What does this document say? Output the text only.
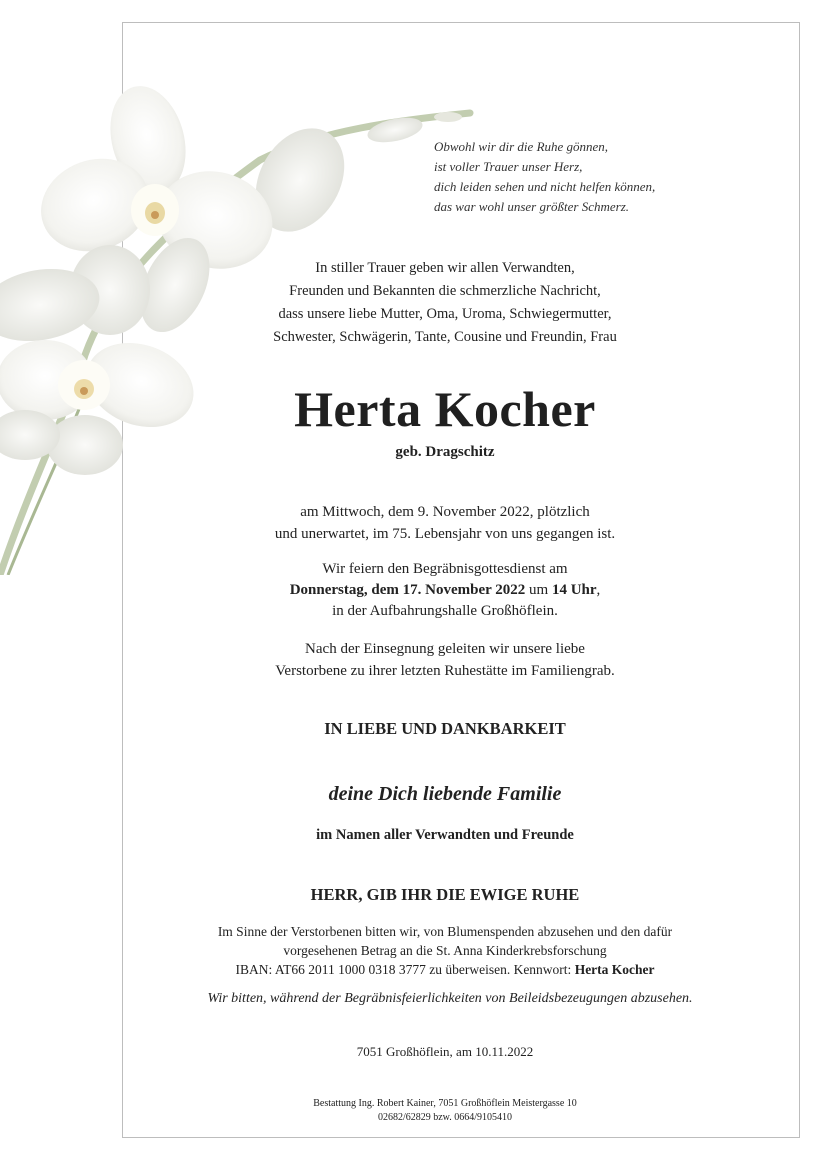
Obwohl wir dir die Ruhe gönnen,

ist voller Trauer unser Herz,

dich leiden sehen und nicht helfen können,

das war wohl unser größter Schmerz.

In stiller Trauer geben wir allen Verwandten,

Freunden und Bekannten die schmerzliche Nachricht,

dass unsere liebe Mutter, Oma, Uroma, Schwiegermutter,

Schwester, Schwägerin, Tante, Cousine und Freundin, Frau

Herta Kocher
geb. Dragschitz

am Mittwoch, dem 9. November 2022, plötzlich

und unerwartet, im 75. Lebensjahr von uns gegangen ist.

Wir feiern den Begräbnisgottesdienst am

Donnerstag, dem 17. November 2022 um 14 Uhr,

in der Aufbahrungshalle Großhöflein.

Nach der Einsegnung geleiten wir unsere liebe

Verstorbene zu ihrer letzten Ruhestätte im Familiengrab.

IN LIEBE UND DANKBARKEIT
deine Dich liebende Familie
im Namen aller Verwandten und Freunde
HERR, GIB IHR DIE EWIGE RUHE

Im Sinne der Verstorbenen bitten wir, von Blumenspenden abzusehen und den dafür

vorgesehenen Betrag an die St. Anna Kinderkrebsforschung

IBAN: AT66 2011 1000 0318 3777 zu überweisen. Kennwort: Herta Kocher

Wir bitten, während der Begräbnisfeierlichkeiten von Beileidsbezeugungen abzusehen.
7051 Großhöflein, am 10.11.2022

Bestattung Ing. Robert Kainer, 7051 Großhöflein Meistergasse 10

02682/62829 bzw. 0664/9105410
